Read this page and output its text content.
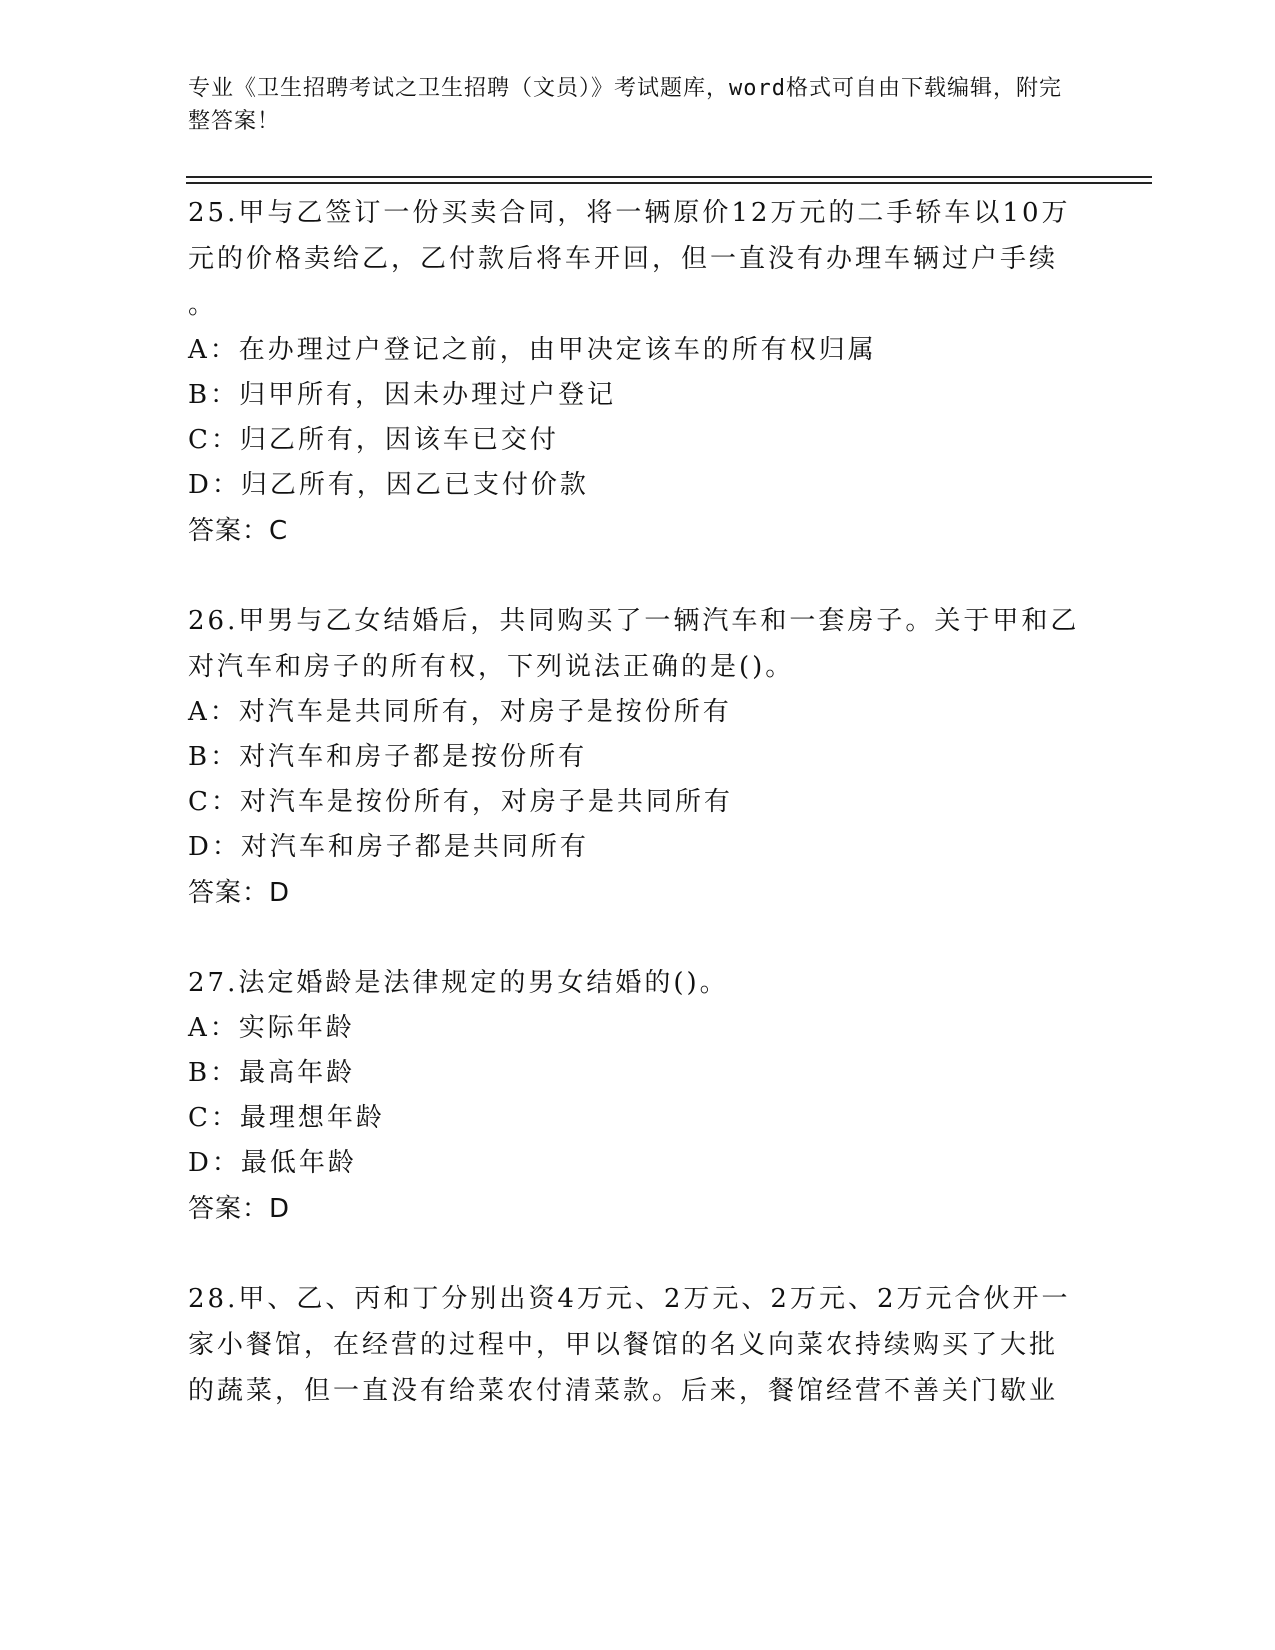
专业《卫生招聘考试之卫生招聘（文员）》考试题库，word格式可自由下载编辑，附完整答案！

25.甲与乙签订一份买卖合同，将一辆原价12万元的二手轿车以10万

元的价格卖给乙，乙付款后将车开回，但一直没有办理车辆过户手续

。

A：在办理过户登记之前，由甲决定该车的所有权归属

B：归甲所有，因未办理过户登记

C：归乙所有，因该车已交付

D：归乙所有，因乙已支付价款

答案：C

26.甲男与乙女结婚后，共同购买了一辆汽车和一套房子。关于甲和乙

对汽车和房子的所有权，下列说法正确的是()。

A：对汽车是共同所有，对房子是按份所有

B：对汽车和房子都是按份所有

C：对汽车是按份所有，对房子是共同所有

D：对汽车和房子都是共同所有

答案：D

27.法定婚龄是法律规定的男女结婚的()。

A：实际年龄

B：最高年龄

C：最理想年龄

D：最低年龄

答案：D

28.甲、乙、丙和丁分别出资4万元、2万元、2万元、2万元合伙开一

家小餐馆，在经营的过程中，甲以餐馆的名义向菜农持续购买了大批

的蔬菜，但一直没有给菜农付清菜款。后来，餐馆经营不善关门歇业
